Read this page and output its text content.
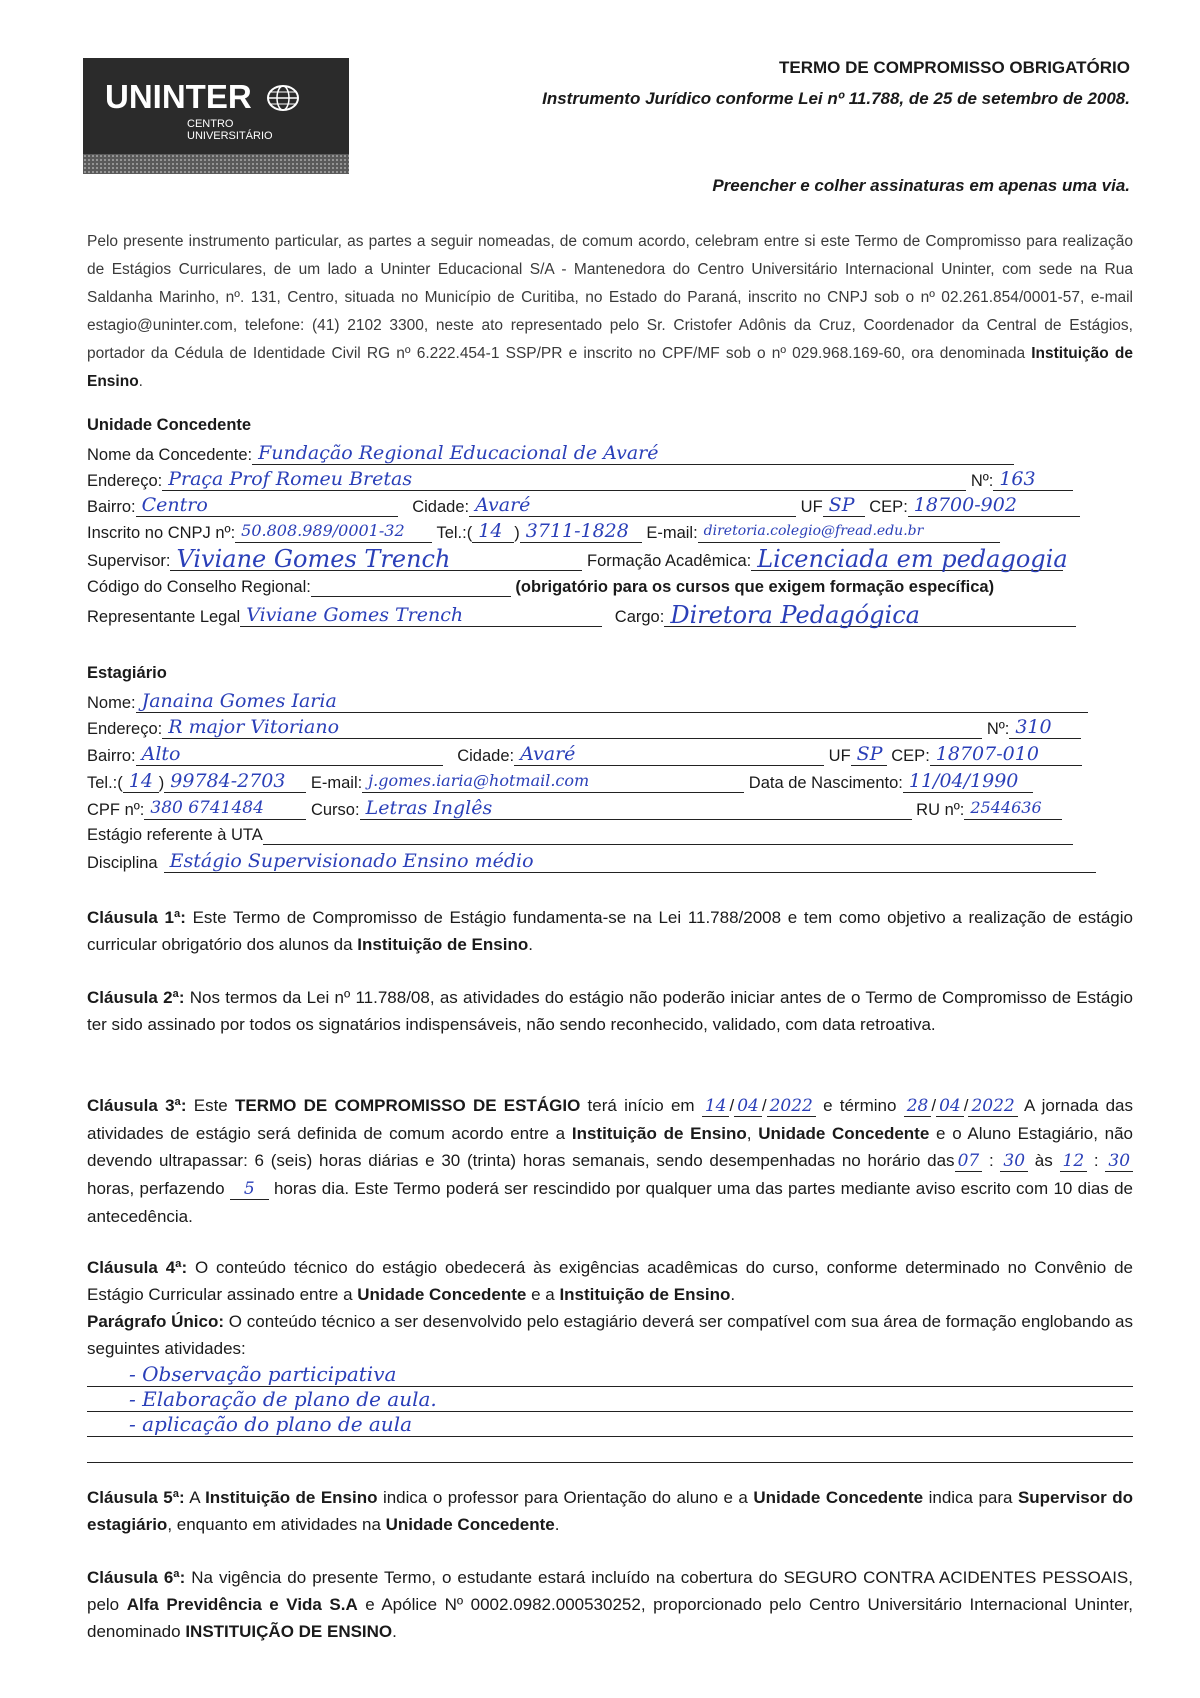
UNINTER
CENTRO
UNIVERSITÁRIO
TERMO DE COMPROMISSO OBRIGATÓRIO
Instrumento Jurídico conforme Lei nº 11.788, de 25 de setembro de 2008.
Preencher e colher assinaturas em apenas uma via.
Pelo presente instrumento particular, as partes a seguir nomeadas, de comum acordo, celebram entre si este Termo de Compromisso para realização de Estágios Curriculares, de um lado a Uninter Educacional S/A - Mantenedora do Centro Universitário Internacional Uninter, com sede na Rua Saldanha Marinho, nº. 131, Centro, situada no Município de Curitiba, no Estado do Paraná, inscrito no CNPJ sob o nº 02.261.854/0001-57, e-mail estagio@uninter.com, telefone: (41) 2102 3300, neste ato representado pelo Sr. Cristofer Adônis da Cruz, Coordenador da Central de Estágios, portador da Cédula de Identidade Civil RG nº 6.222.454-1 SSP/PR e inscrito no CPF/MF sob o nº 029.968.169-60, ora denominada Instituição de Ensino.
Unidade Concedente
Nome da Concedente: Fundação Regional Educacional de Avaré
Endereço: Praça Prof Romeu Bretas	Nº: 163
Bairro: Centro	Cidade: Avaré	UF SP CEP: 18700-902
Inscrito no CNPJ nº: 50.808.989/0001-32 Tel.:( 14 ) 3711-1828 E-mail: diretoria.colegio@fread.edu.br
Supervisor: Viviane Gomes Trench	Formação Acadêmica: Licenciada em pedagogia
Código do Conselho Regional:	(obrigatório para os cursos que exigem formação específica)
Representante Legal Viviane Gomes Trench	Cargo: Diretora Pedagógica
Estagiário
Nome: Janaina Gomes Iaria
Endereço: R major Vitoriano	Nº: 310
Bairro: Alto	Cidade: Avaré	UF SP CEP: 18707-010
Tel.:( 14 ) 99784-2703 E-mail: j.gomes.iaria@hotmail.com	Data de Nascimento: 11/04/1990
CPF nº: 380 6741484	Curso: Letras Inglês	RU nº: 2544636
Estágio referente à UTA
Disciplina Estágio Supervisionado Ensino médio
Cláusula 1ª: Este Termo de Compromisso de Estágio fundamenta-se na Lei 11.788/2008 e tem como objetivo a realização de estágio curricular obrigatório dos alunos da Instituição de Ensino.
Cláusula 2ª: Nos termos da Lei nº 11.788/08, as atividades do estágio não poderão iniciar antes de o Termo de Compromisso de Estágio ter sido assinado por todos os signatários indispensáveis, não sendo reconhecido, validado, com data retroativa.
Cláusula 3ª: Este TERMO DE COMPROMISSO DE ESTÁGIO terá início em 14 / 04 / 2022 e término 28 / 04 / 2022 A jornada das atividades de estágio será definida de comum acordo entre a Instituição de Ensino, Unidade Concedente e o Aluno Estagiário, não devendo ultrapassar: 6 (seis) horas diárias e 30 (trinta) horas semanais, sendo desempenhadas no horário das 07 : 30 às 12 : 30 horas, perfazendo 5 horas dia. Este Termo poderá ser rescindido por qualquer uma das partes mediante aviso escrito com 10 dias de antecedência.
Cláusula 4ª: O conteúdo técnico do estágio obedecerá às exigências acadêmicas do curso, conforme determinado no Convênio de Estágio Curricular assinado entre a Unidade Concedente e a Instituição de Ensino.
Parágrafo Único: O conteúdo técnico a ser desenvolvido pelo estagiário deverá ser compatível com sua área de formação englobando as seguintes atividades:
- Observação participativa
- Elaboração de plano de aula.
- aplicação do plano de aula
Cláusula 5ª: A Instituição de Ensino indica o professor para Orientação do aluno e a Unidade Concedente indica para Supervisor do estagiário, enquanto em atividades na Unidade Concedente.
Cláusula 6ª: Na vigência do presente Termo, o estudante estará incluído na cobertura do SEGURO CONTRA ACIDENTES PESSOAIS, pelo Alfa Previdência e Vida S.A e Apólice Nº 0002.0982.000530252, proporcionado pelo Centro Universitário Internacional Uninter, denominado INSTITUIÇÃO DE ENSINO.
